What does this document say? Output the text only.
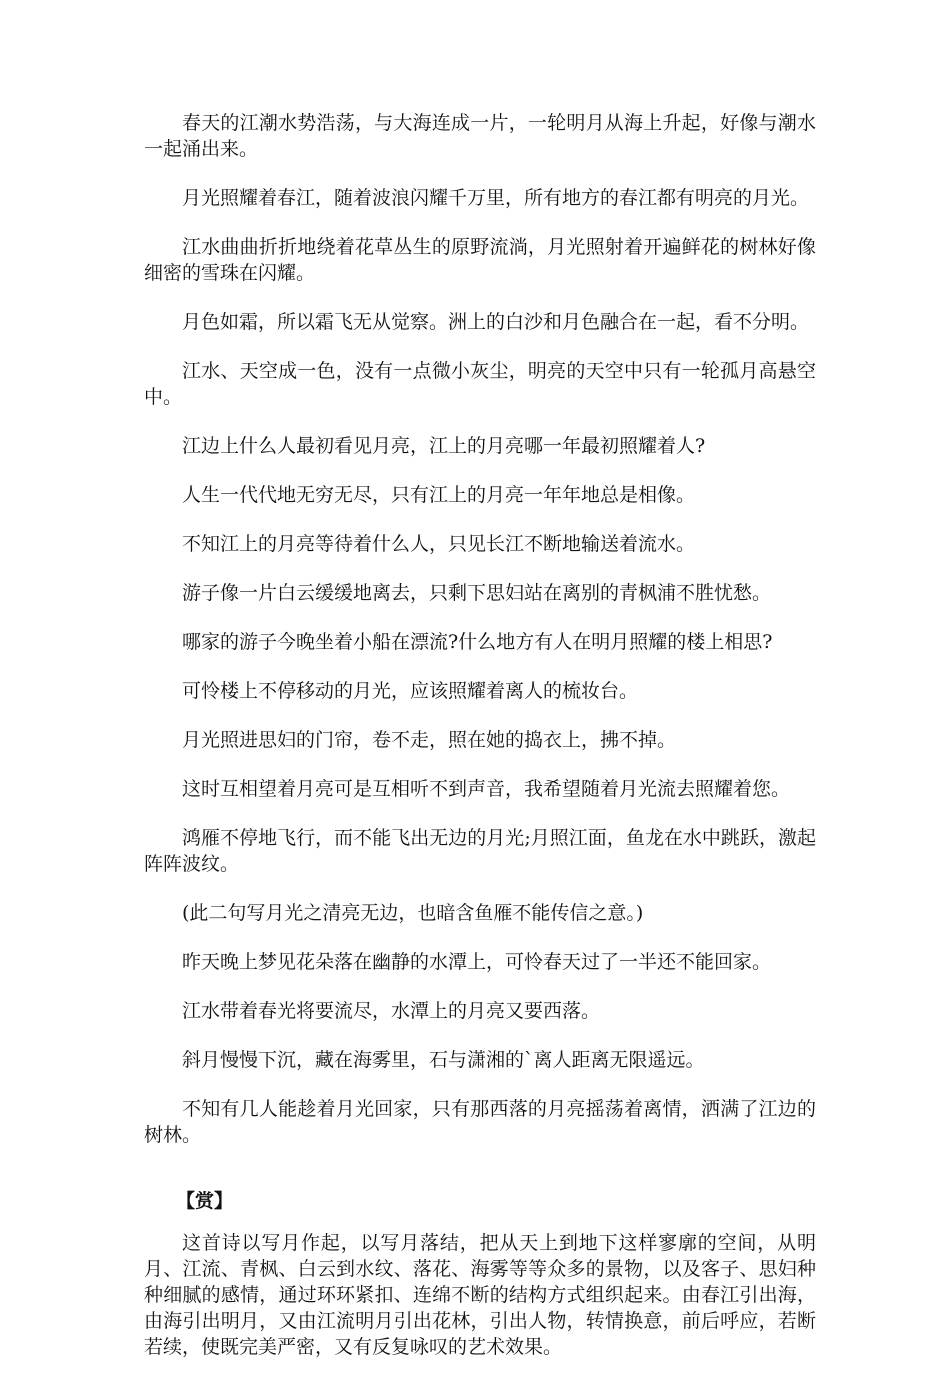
春天的江潮水势浩荡，与大海连成一片，一轮明月从海上升起，好像与潮水一起涌出来。

月光照耀着春江，随着波浪闪耀千万里，所有地方的春江都有明亮的月光。

江水曲曲折折地绕着花草丛生的原野流淌，月光照射着开遍鲜花的树林好像细密的雪珠在闪耀。

月色如霜，所以霜飞无从觉察。洲上的白沙和月色融合在一起，看不分明。

江水、天空成一色，没有一点微小灰尘，明亮的天空中只有一轮孤月高悬空中。

江边上什么人最初看见月亮，江上的月亮哪一年最初照耀着人?

人生一代代地无穷无尽，只有江上的月亮一年年地总是相像。

不知江上的月亮等待着什么人，只见长江不断地输送着流水。

游子像一片白云缓缓地离去，只剩下思妇站在离别的青枫浦不胜忧愁。

哪家的游子今晚坐着小船在漂流?什么地方有人在明月照耀的楼上相思?

可怜楼上不停移动的月光，应该照耀着离人的梳妆台。

月光照进思妇的门帘，卷不走，照在她的捣衣上，拂不掉。

这时互相望着月亮可是互相听不到声音，我希望随着月光流去照耀着您。

鸿雁不停地飞行，而不能飞出无边的月光;月照江面，鱼龙在水中跳跃，激起阵阵波纹。

(此二句写月光之清亮无边，也暗含鱼雁不能传信之意。)

昨天晚上梦见花朵落在幽静的水潭上，可怜春天过了一半还不能回家。

江水带着春光将要流尽，水潭上的月亮又要西落。

斜月慢慢下沉，藏在海雾里，石与潇湘的`离人距离无限遥远。

不知有几人能趁着月光回家，只有那西落的月亮摇荡着离情，洒满了江边的树林。

【赏】

这首诗以写月作起，以写月落结，把从天上到地下这样寥廓的空间，从明月、江流、青枫、白云到水纹、落花、海雾等等众多的景物，以及客子、思妇种种细腻的感情，通过环环紧扣、连绵不断的结构方式组织起来。由春江引出海，由海引出明月，又由江流明月引出花林，引出人物，转情换意，前后呼应，若断若续，使既完美严密，又有反复咏叹的艺术效果。
